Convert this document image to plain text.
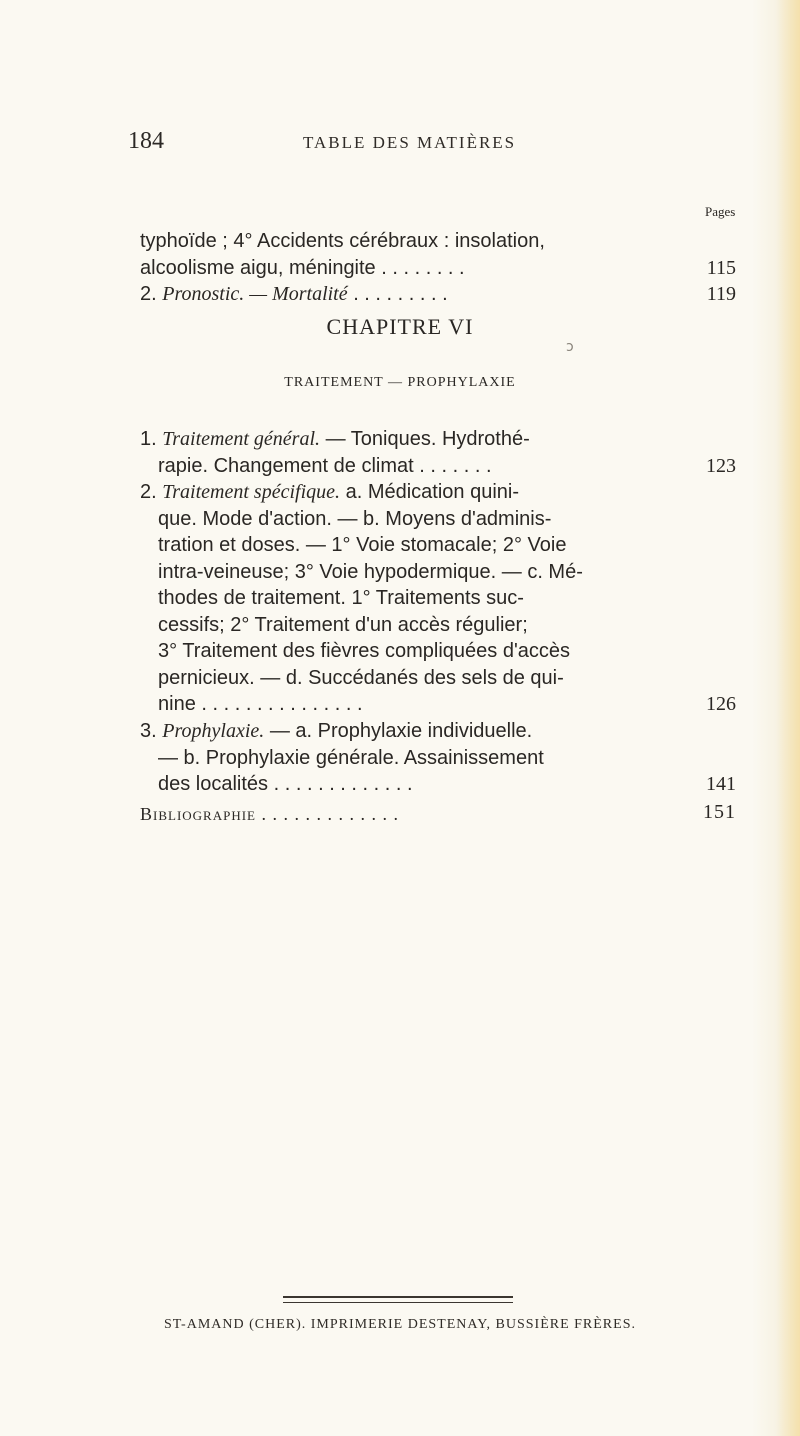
184	TABLE DES MATIÈRES
Pages
typhoïde ; 4° Accidents cérébraux : insolation,
alcoolisme aigu, méningite . . . . . . . .	115
2. Pronostic. — Mortalité . . . . . . . . .	119
CHAPITRE VI
ↄ
TRAITEMENT — PROPHYLAXIE
1. Traitement général. — Toniques. Hydrothé-
rapie. Changement de climat . . . . . . .	123
2. Traitement spécifique. a. Médication quini-
que. Mode d'action. — b. Moyens d'adminis-
tration et doses. — 1° Voie stomacale; 2° Voie
intra-veineuse; 3° Voie hypodermique. — c. Mé-
thodes de traitement. 1° Traitements suc-
cessifs; 2° Traitement d'un accès régulier;
3° Traitement des fièvres compliquées d'accès
pernicieux. — d. Succédanés des sels de qui-
nine . . . . . . . . . . . . . . .	126
3. Prophylaxie. — a. Prophylaxie individuelle.
— b. Prophylaxie générale. Assainissement
des localités . . . . . . . . . . . . .	141
Bibliographie . . . . . . . . . . . . .	151
ST-AMAND (CHER). IMPRIMERIE DESTENAY, BUSSIÈRE FRÈRES.
